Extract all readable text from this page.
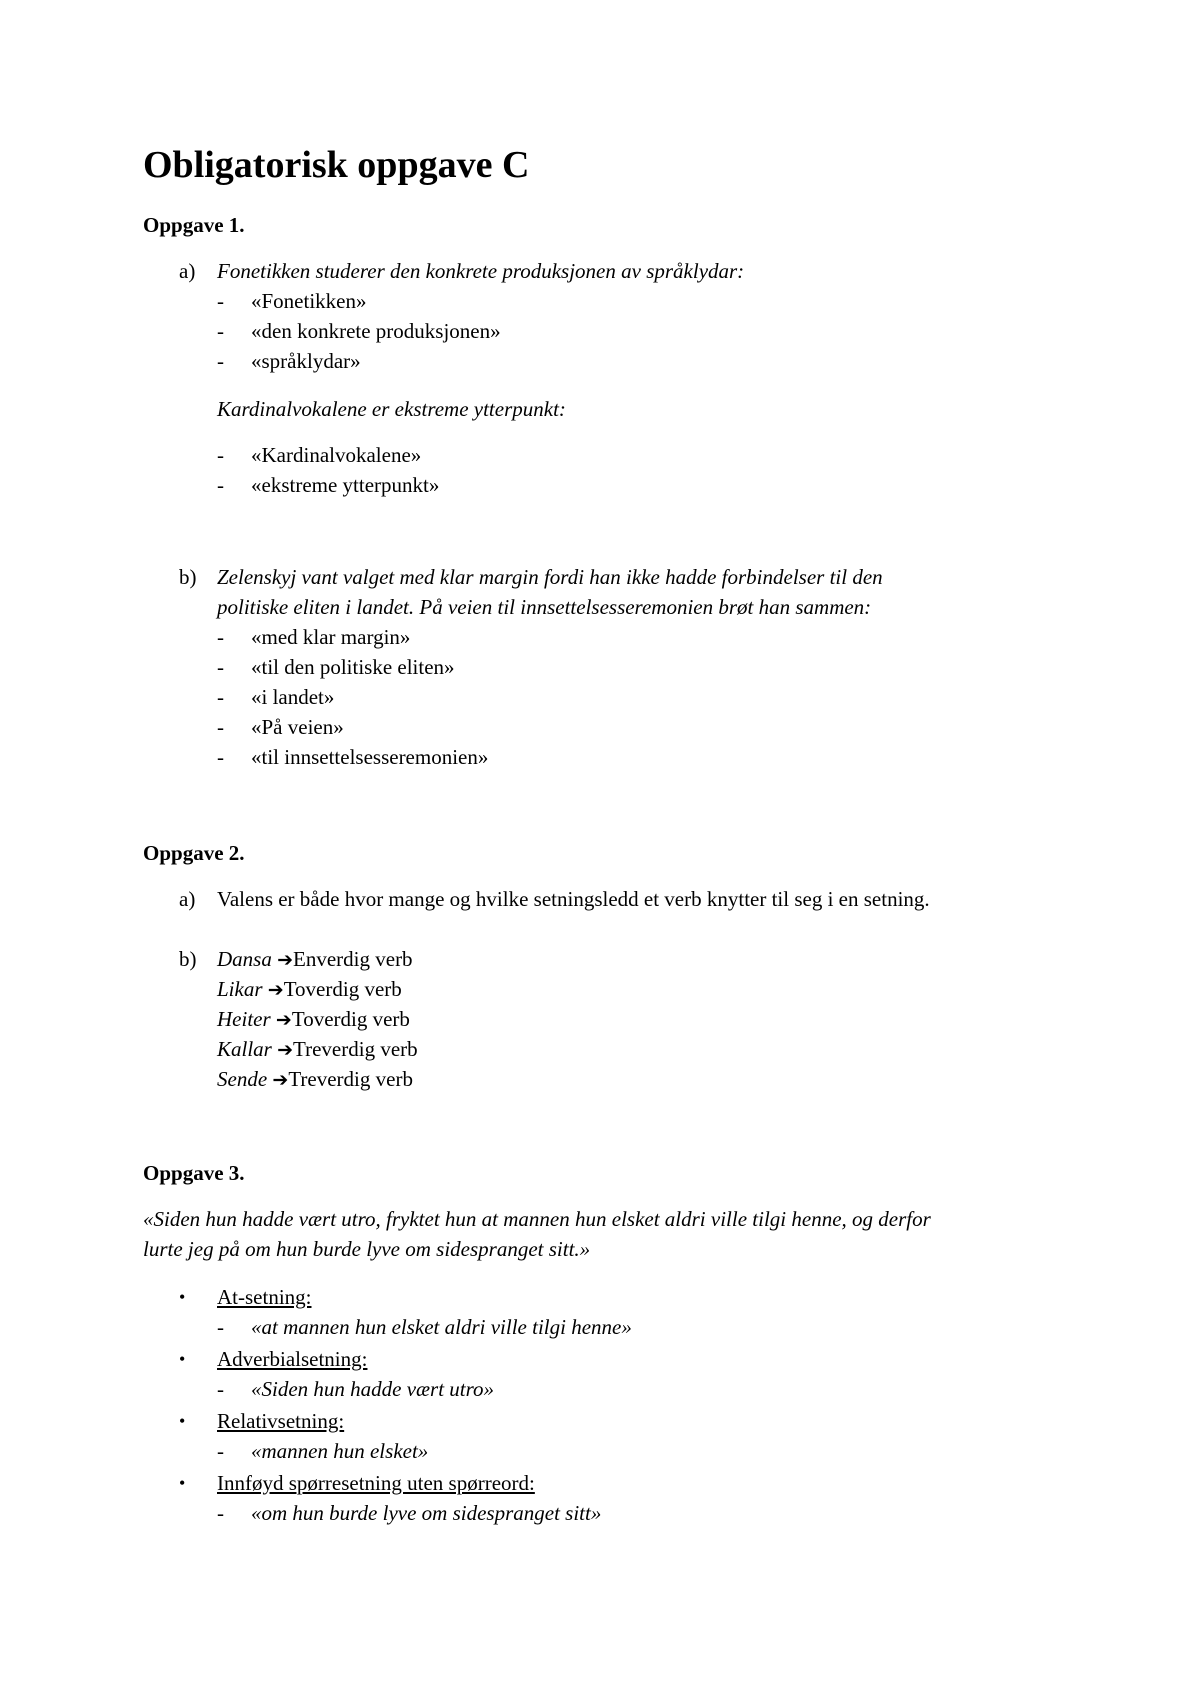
Obligatorisk oppgave C
Oppgave 1.
a) Fonetikken studerer den konkrete produksjonen av språklydar:
- «Fonetikken»
- «den konkrete produksjonen»
- «språklydar»
Kardinalvokalene er ekstreme ytterpunkt:
- «Kardinalvokalene»
- «ekstreme ytterpunkt»
b) Zelenskyj vant valget med klar margin fordi han ikke hadde forbindelser til den
politiske eliten i landet. På veien til innsettelsesseremonien brøt han sammen:
- «med klar margin»
- «til den politiske eliten»
- «i landet»
- «På veien»
- «til innsettelsesseremonien»
Oppgave 2.
a) Valens er både hvor mange og hvilke setningsledd et verb knytter til seg i en setning.
b) Dansa ➔Enverdig verb
Likar ➔Toverdig verb
Heiter ➔Toverdig verb
Kallar ➔Treverdig verb
Sende ➔Treverdig verb
Oppgave 3.
«Siden hun hadde vært utro, fryktet hun at mannen hun elsket aldri ville tilgi henne, og derfor
lurte jeg på om hun burde lyve om sidespranget sitt.»
• At-setning:
- «at mannen hun elsket aldri ville tilgi henne»
• Adverbialsetning:
- «Siden hun hadde vært utro»
• Relativsetning:
- «mannen hun elsket»
• Innføyd spørresetning uten spørreord:
- «om hun burde lyve om sidespranget sitt»
